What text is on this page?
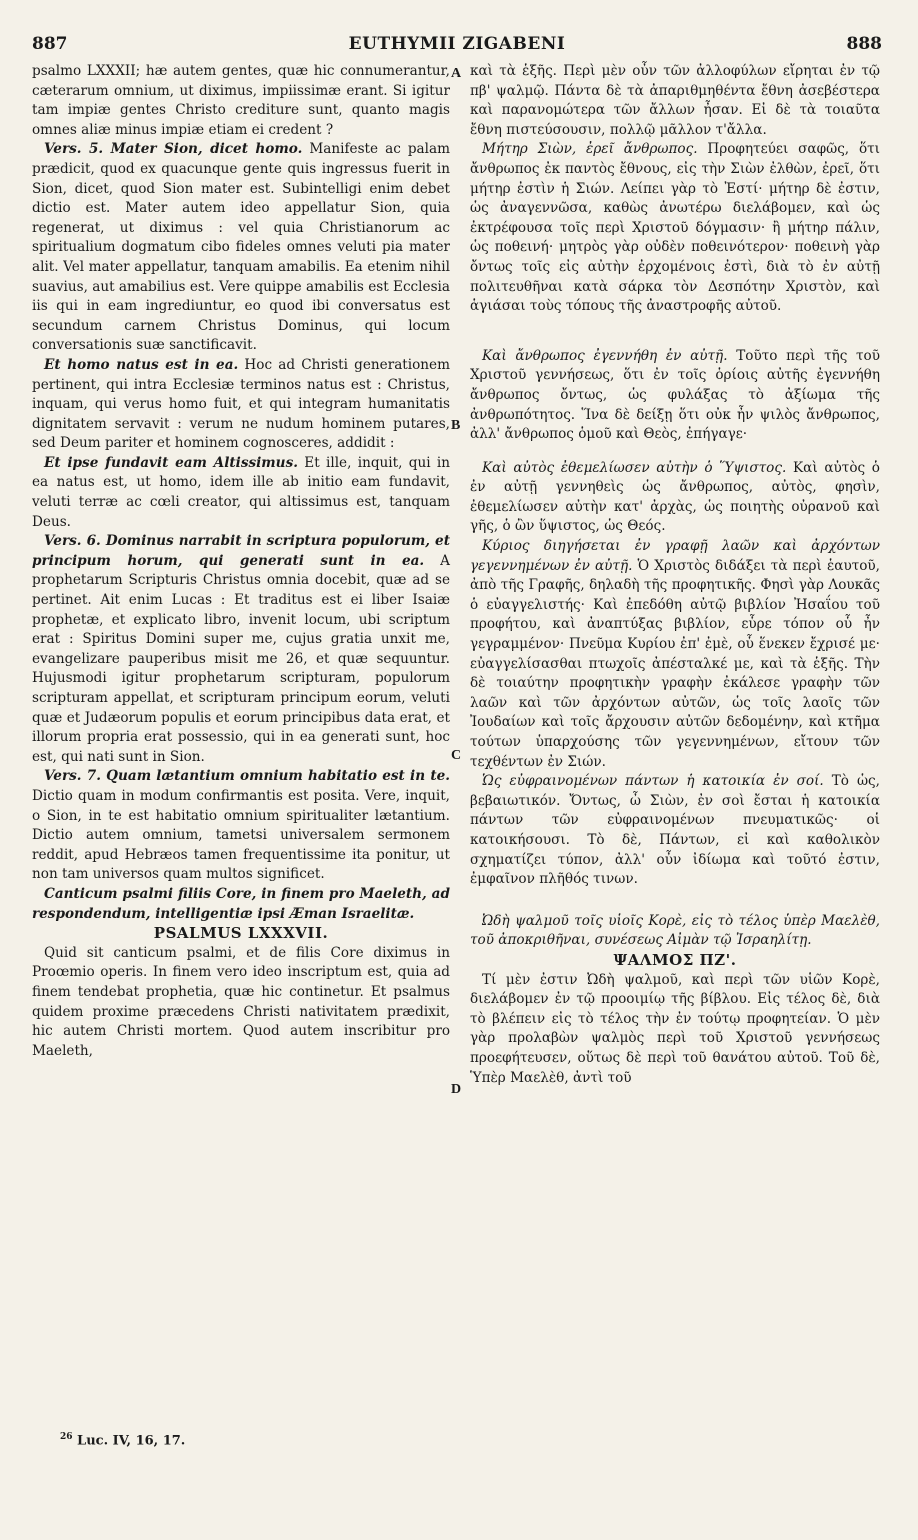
887	EUTHYMII ZIGABENI	888
A
B
C
D

psalmo LXXXII; hæ autem gentes, quæ hic connumerantur, cæterarum omnium, ut diximus, impiissimæ erant. Si igitur tam impiæ gentes Christo crediture sunt, quanto magis omnes aliæ minus impiæ etiam ei credent ?

Vers. 5. Mater Sion, dicet homo. Manifeste ac palam prædicit, quod ex quacunque gente quis ingressus fuerit in Sion, dicet, quod Sion mater est. Subintelligi enim debet dictio est. Mater autem ideo appellatur Sion, quia regenerat, ut diximus : vel quia Christianorum ac spiritualium dogmatum cibo fideles omnes veluti pia mater alit. Vel mater appellatur, tanquam amabilis. Ea etenim nihil suavius, aut amabilius est. Vere quippe amabilis est Ecclesia iis qui in eam ingrediuntur, eo quod ibi conversatus est secundum carnem Christus Dominus, qui locum conversationis suæ sanctificavit.

Et homo natus est in ea. Hoc ad Christi generationem pertinent, qui intra Ecclesiæ terminos natus est : Christus, inquam, qui verus homo fuit, et qui integram humanitatis dignitatem servavit : verum ne nudum hominem putares, sed Deum pariter et hominem cognosceres, addidit :

Et ipse fundavit eam Altissimus. Et ille, inquit, qui in ea natus est, ut homo, idem ille ab initio eam fundavit, veluti terræ ac cœli creator, qui altissimus est, tanquam Deus.

Vers. 6. Dominus narrabit in scriptura populorum, et principum horum, qui generati sunt in ea. A prophetarum Scripturis Christus omnia docebit, quæ ad se pertinet. Ait enim Lucas : Et traditus est ei liber Isaiæ prophetæ, et explicato libro, invenit locum, ubi scriptum erat : Spiritus Domini super me, cujus gratia unxit me, evangelizare pauperibus misit me 26, et quæ sequuntur. Hujusmodi igitur prophetarum scripturam, populorum scripturam appellat, et scripturam principum eorum, veluti quæ et Judæorum populis et eorum principibus data erat, et illorum propria erat possessio, qui in ea generati sunt, hoc est, qui nati sunt in Sion.

Vers. 7. Quam lætantium omnium habitatio est in te. Dictio quam in modum confirmantis est posita. Vere, inquit, o Sion, in te est habitatio omnium spiritualiter lætantium. Dictio autem omnium, tametsi universalem sermonem reddit, apud Hebræos tamen frequentissime ita ponitur, ut non tam universos quam multos significet.

Canticum psalmi filiis Core, in finem pro Maeleth, ad respondendum, intelligentiæ ipsi Æman Israelitæ.

PSALMUS LXXXVII.

Quid sit canticum psalmi, et de filis Core diximus in Proœmio operis. In finem vero ideo inscriptum est, quia ad finem tendebat prophetia, quæ hic continetur. Et psalmus quidem proxime præcedens Christi nativitatem prædixit, hic autem Christi mortem. Quod autem inscribitur pro Maeleth,

καὶ τὰ ἑξῆς. Περὶ μὲν οὖν τῶν ἀλλοφύλων εἴρηται ἐν τῷ πβ' ψαλμῷ. Πάντα δὲ τὰ ἀπαριθμηθέντα ἔθνη ἀσεβέστερα καὶ παρανομώτερα τῶν ἄλλων ἦσαν. Εἰ δὲ τὰ τοιαῦτα ἔθνη πιστεύσουσιν, πολλῷ μᾶλλον τ'ἄλλα.

Μήτηρ Σιὼν, ἐρεῖ ἄνθρωπος. Προφητεύει σαφῶς, ὅτι ἄνθρωπος ἐκ παντὸς ἔθνους, εἰς τὴν Σιὼν ἐλθὼν, ἐρεῖ, ὅτι μήτηρ ἐστὶν ἡ Σιών. Λείπει γὰρ τὸ Ἐστί· μήτηρ δὲ ἐστιν, ὡς ἀναγεννῶσα, καθὼς ἀνωτέρω διελάβομεν, καὶ ὡς ἐκτρέφουσα τοῖς περὶ Χριστοῦ δόγμασιν· ἢ μήτηρ πάλιν, ὡς ποθεινή· μητρὸς γὰρ οὐδὲν ποθεινότερον· ποθεινὴ γὰρ ὄντως τοῖς εἰς αὐτὴν ἐρχομένοις ἐστὶ, διὰ τὸ ἐν αὐτῇ πολιτευθῆναι κατὰ σάρκα τὸν Δεσπότην Χριστὸν, καὶ ἁγιάσαι τοὺς τόπους τῆς ἀναστροφῆς αὐτοῦ.

Καὶ ἄνθρωπος ἐγεννήθη ἐν αὐτῇ. Τοῦτο περὶ τῆς τοῦ Χριστοῦ γεννήσεως, ὅτι ἐν τοῖς ὁρίοις αὐτῆς ἐγεννήθη ἄνθρωπος ὄντως, ὡς φυλάξας τὸ ἀξίωμα τῆς ἀνθρωπότητος. Ἵνα δὲ δείξῃ ὅτι οὐκ ἦν ψιλὸς ἄνθρωπος, ἀλλ' ἄνθρωπος ὁμοῦ καὶ Θεὸς, ἐπήγαγε·

Καὶ αὐτὸς ἐθεμελίωσεν αὐτὴν ὁ Ὕψιστος. Καὶ αὐτὸς ὁ ἐν αὐτῇ γεννηθεὶς ὡς ἄνθρωπος, αὐτὸς, φησὶν, ἐθεμελίωσεν αὐτὴν κατ' ἀρχὰς, ὡς ποιητὴς οὐρανοῦ καὶ γῆς, ὁ ὢν ὕψιστος, ὡς Θεός.

Κύριος διηγήσεται ἐν γραφῇ λαῶν καὶ ἀρχόντων γεγεννημένων ἐν αὐτῇ. Ὁ Χριστὸς διδάξει τὰ περὶ ἑαυτοῦ, ἀπὸ τῆς Γραφῆς, δηλαδὴ τῆς προφητικῆς. Φησὶ γὰρ Λουκᾶς ὁ εὐαγγελιστής· Καὶ ἐπεδόθη αὐτῷ βιβλίον Ἠσαΐου τοῦ προφήτου, καὶ ἀναπτύξας βιβλίον, εὗρε τόπον οὗ ἦν γεγραμμένον· Πνεῦμα Κυρίου ἐπ' ἐμὲ, οὗ ἕνεκεν ἔχρισέ με· εὐαγγελίσασθαι πτωχοῖς ἀπέσταλκέ με, καὶ τὰ ἑξῆς. Τὴν δὲ τοιαύτην προφητικὴν γραφὴν ἐκάλεσε γραφὴν τῶν λαῶν καὶ τῶν ἀρχόντων αὐτῶν, ὡς τοῖς λαοῖς τῶν Ἰουδαίων καὶ τοῖς ἄρχουσιν αὐτῶν δεδομένην, καὶ κτῆμα τούτων ὑπαρχούσης τῶν γεγεννημένων, εἴτουν τῶν τεχθέντων ἐν Σιών.

Ὡς εὐφραινομένων πάντων ἡ κατοικία ἐν σοί. Τὸ ὡς, βεβαιωτικόν. Ὄντως, ὦ Σιὼν, ἐν σοὶ ἔσται ἡ κατοικία πάντων τῶν εὐφραινομένων πνευματικῶς· οἱ κατοικήσουσι. Τὸ δὲ, Πάντων, εἰ καὶ καθολικὸν σχηματίζει τύπον, ἀλλ' οὖν ἰδίωμα καὶ τοῦτό ἐστιν, ἐμφαῖνον πλῆθός τινων.

Ὠδὴ ψαλμοῦ τοῖς υἱοῖς Κορὲ, εἰς τὸ τέλος ὑπὲρ Μαελὲθ, τοῦ ἀποκριθῆναι, συνέσεως Αἰμὰν τῷ Ἰσραηλίτῃ.

ΨΑΛΜΟΣ ΠΖ'.

Τί μὲν ἐστιν Ὠδὴ ψαλμοῦ, καὶ περὶ τῶν υἱῶν Κορὲ, διελάβομεν ἐν τῷ προοιμίῳ τῆς βίβλου. Εἰς τέλος δὲ, διὰ τὸ βλέπειν εἰς τὸ τέλος τὴν ἐν τούτῳ προφητείαν. Ὁ μὲν γὰρ προλαβὼν ψαλμὸς περὶ τοῦ Χριστοῦ γεννήσεως προεφήτευσεν, οὕτως δὲ περὶ τοῦ θανάτου αὐτοῦ. Τοῦ δὲ, Ὑπὲρ Μαελὲθ, ἀντὶ τοῦ

$^{26}$ Luc. IV, 16, 17.
